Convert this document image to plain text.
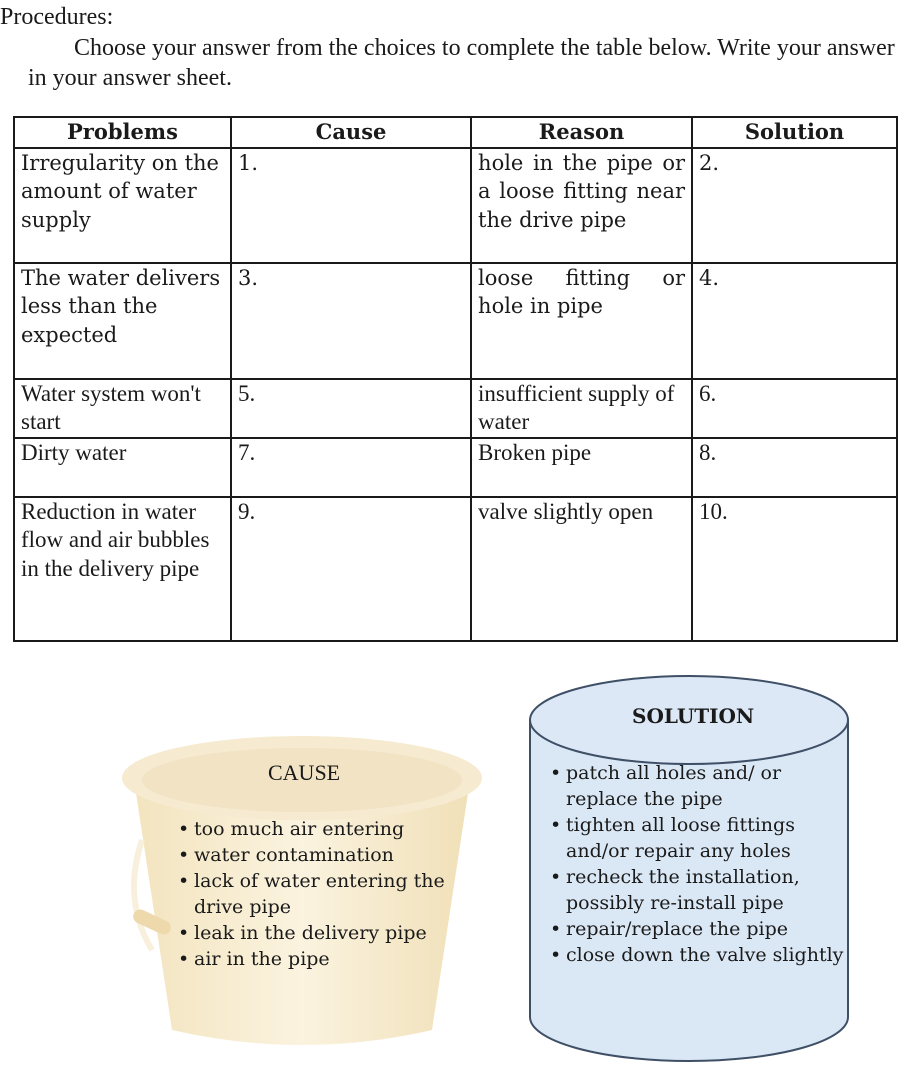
Procedures:
Choose your answer from the choices to complete the table below. Write your answer in your answer sheet.
Problems	Cause	Reason	Solution
Irregularity on the amount of water supply	1.	hole in the pipe or a loose fitting near the drive pipe	2.
The water delivers less than the expected	3.	loose fitting or hole in pipe	4.
Water system won't start	5.	insufficient supply of water	6.
Dirty water	7.	Broken pipe	8.
Reduction in water flow and air bubbles in the delivery pipe	9.	valve slightly open	10.
CAUSE
• too much air entering
• water contamination
• lack of water entering the drive pipe
• leak in the delivery pipe
• air in the pipe
SOLUTION
• patch all holes and/ or replace the pipe
• tighten all loose fittings and/or repair any holes
• recheck the installation, possibly re-install pipe
• repair/replace the pipe
• close down the valve slightly
